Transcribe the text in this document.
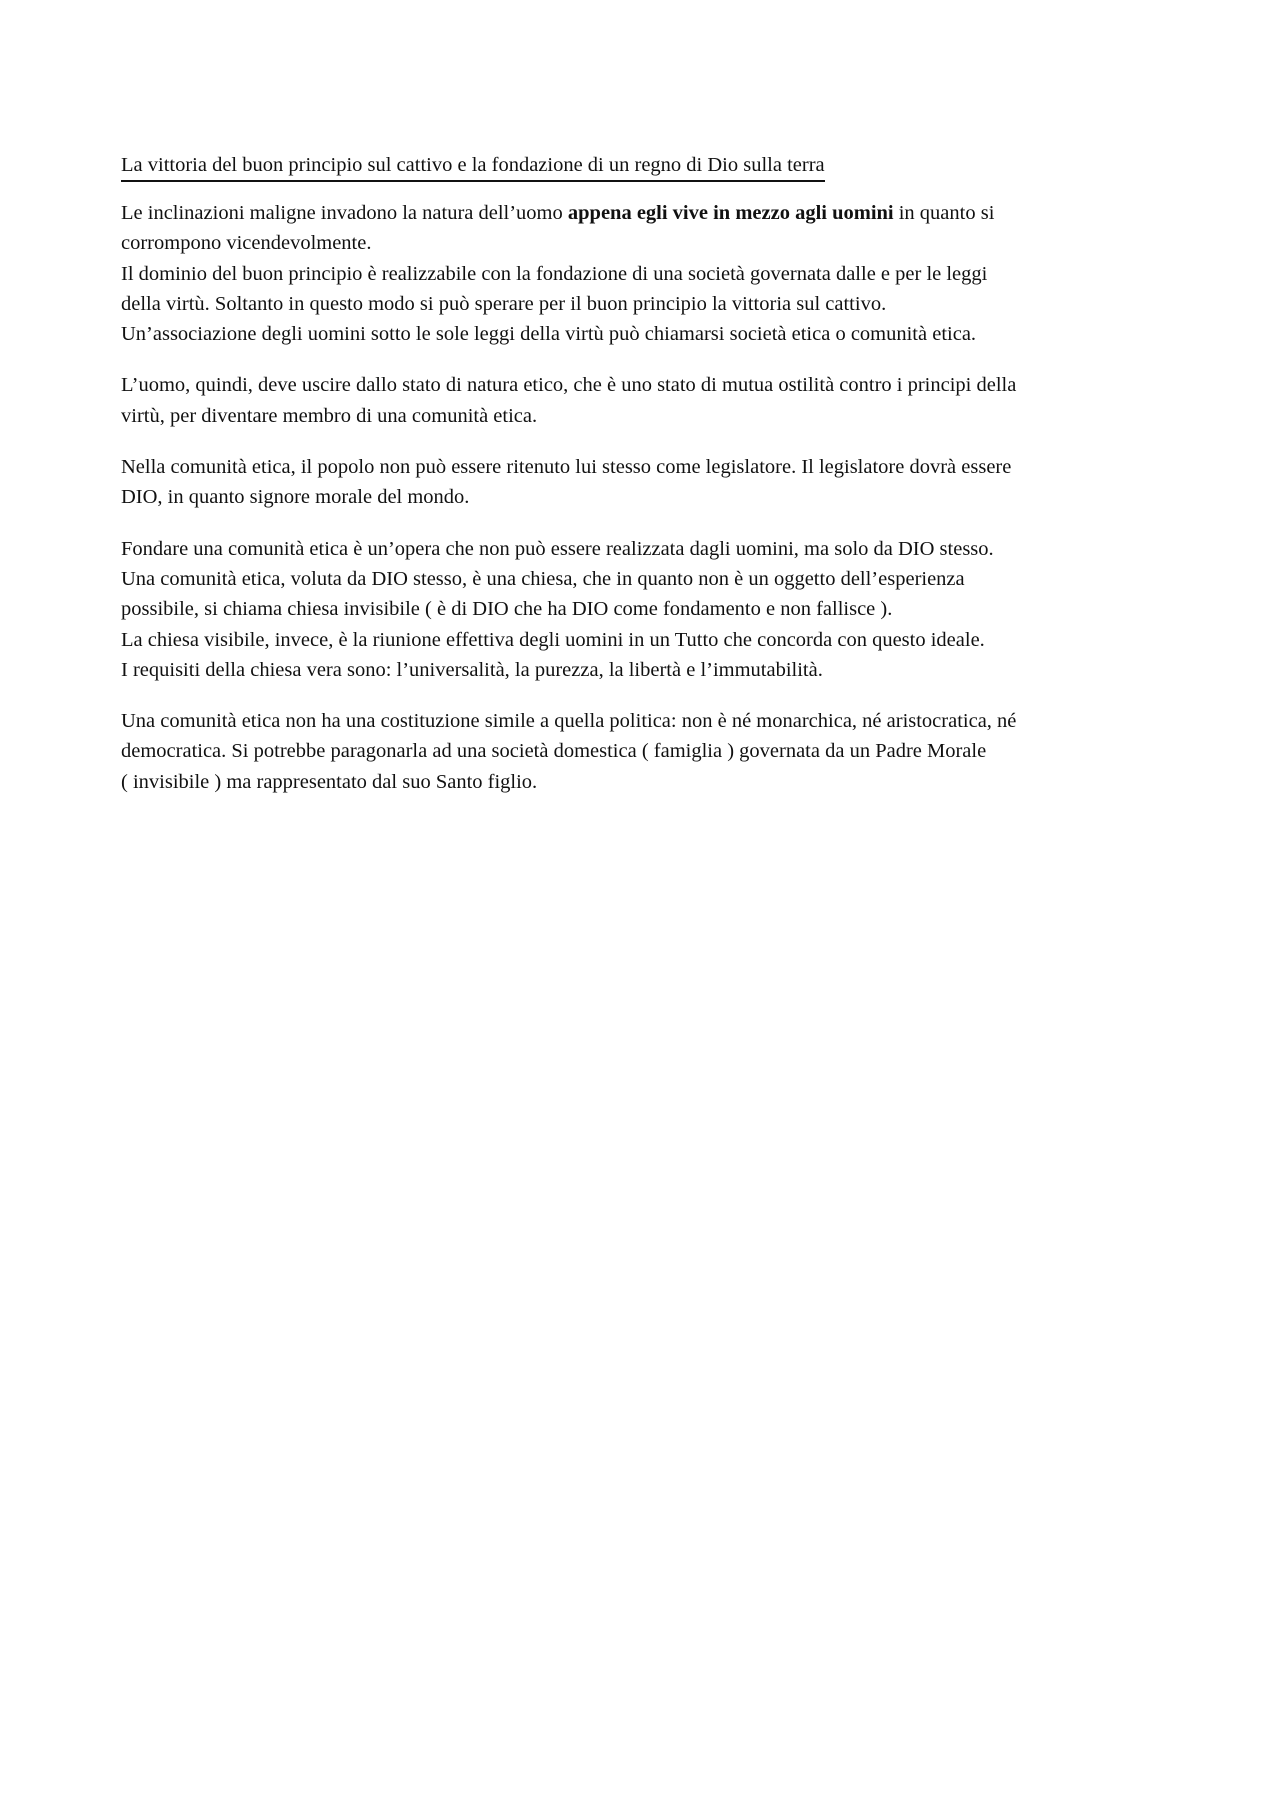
La vittoria del buon principio sul cattivo e la fondazione di un regno di Dio sulla terra

Le inclinazioni maligne invadono la natura dell’uomo appena egli vive in mezzo agli uomini in quanto si
corrompono vicendevolmente.
Il dominio del buon principio è realizzabile con la fondazione di una società governata dalle e per le leggi
della virtù. Soltanto in questo modo si può sperare per il buon principio la vittoria sul cattivo.
Un’associazione degli uomini sotto le sole leggi della virtù può chiamarsi società etica o comunità etica.

L’uomo, quindi, deve uscire dallo stato di natura etico, che è uno stato di mutua ostilità contro i principi della
virtù, per diventare membro di una comunità etica.

Nella comunità etica, il popolo non può essere ritenuto lui stesso come legislatore. Il legislatore dovrà essere
DIO, in quanto signore morale del mondo.

Fondare una comunità etica è un’opera che non può essere realizzata dagli uomini, ma solo da DIO stesso.
Una comunità etica, voluta da DIO stesso, è una chiesa, che in quanto non è un oggetto dell’esperienza
possibile, si chiama chiesa invisibile ( è di DIO che ha DIO come fondamento e non fallisce ).
La chiesa visibile, invece, è la riunione effettiva degli uomini in un Tutto che concorda con questo ideale.
I requisiti della chiesa vera sono: l’universalità, la purezza, la libertà e l’immutabilità.

Una comunità etica non ha una costituzione simile a quella politica: non è né monarchica, né aristocratica, né
democratica. Si potrebbe paragonarla ad una società domestica ( famiglia ) governata da un Padre Morale
( invisibile ) ma rappresentato dal suo Santo figlio.
